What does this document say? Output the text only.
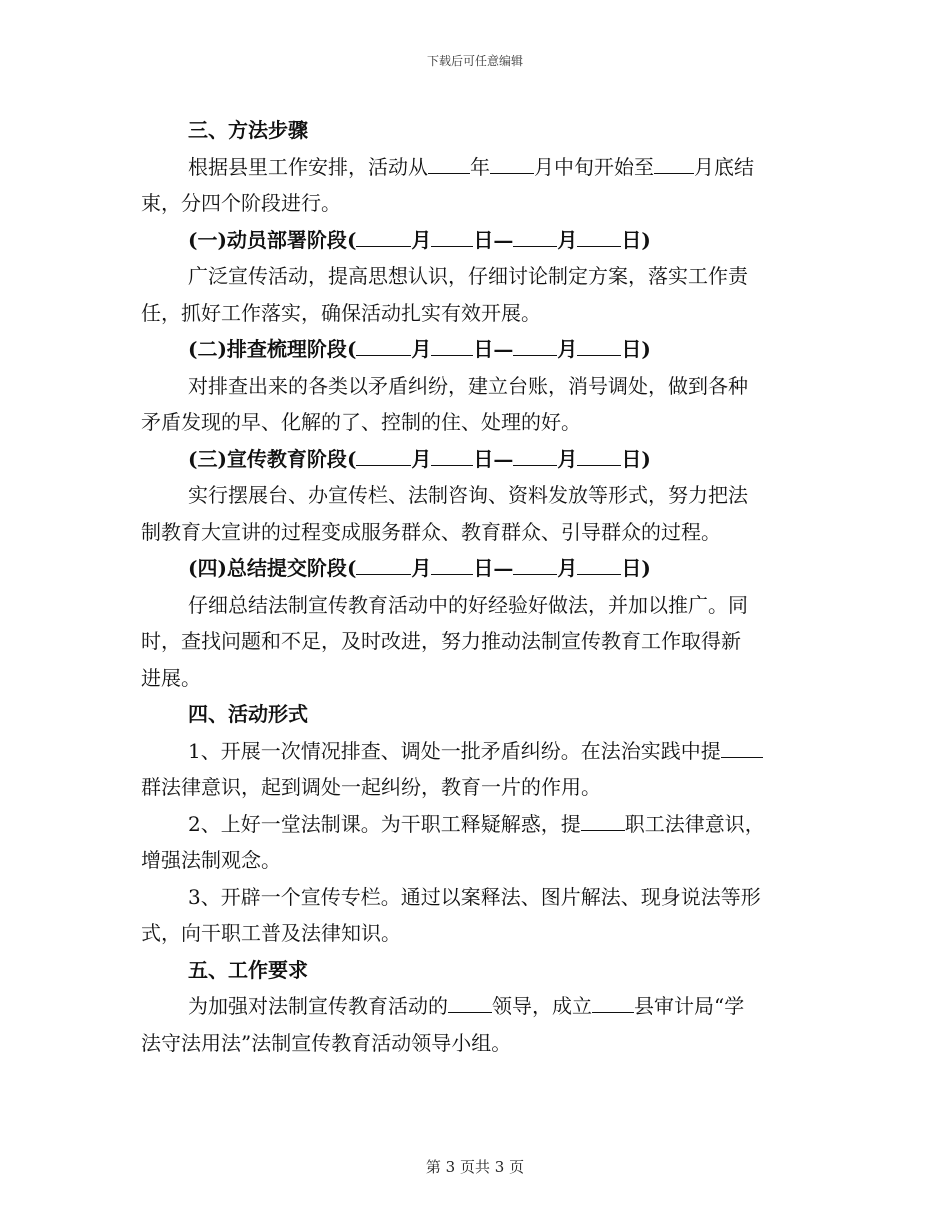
下载后可任意编辑
三、方法步骤
根据县里工作安排，活动从 年 月中旬开始至 月底结
束，分四个阶段进行。
(一)动员部署阶段(	月 日— 月 日)
广泛宣传活动，提高思想认识，仔细讨论制定方案，落实工作责
任，抓好工作落实，确保活动扎实有效开展。
(二)排查梳理阶段(	月 日— 月 日)
对排查出来的各类以矛盾纠纷，建立台账，消号调处，做到各种
矛盾发现的早、化解的了、控制的住、处理的好。
(三)宣传教育阶段(	月 日— 月 日)
实行摆展台、办宣传栏、法制咨询、资料发放等形式，努力把法
制教育大宣讲的过程变成服务群众、教育群众、引导群众的过程。
(四)总结提交阶段(	月 日— 月 日)
仔细总结法制宣传教育活动中的好经验好做法，并加以推广。同
时，查找问题和不足，及时改进，努力推动法制宣传教育工作取得新
进展。
四、活动形式
1、开展一次情况排查、调处一批矛盾纠纷。在法治实践中提
群法律意识，起到调处一起纠纷，教育一片的作用。
2、上好一堂法制课。为干职工释疑解惑，提 职工法律意识，
增强法制观念。
3、开辟一个宣传专栏。通过以案释法、图片解法、现身说法等形
式，向干职工普及法律知识。
五、工作要求
为加强对法制宣传教育活动的 领导，成立 县审计局“学
法守法用法”法制宣传教育活动领导小组。
第 3 页共 3 页
